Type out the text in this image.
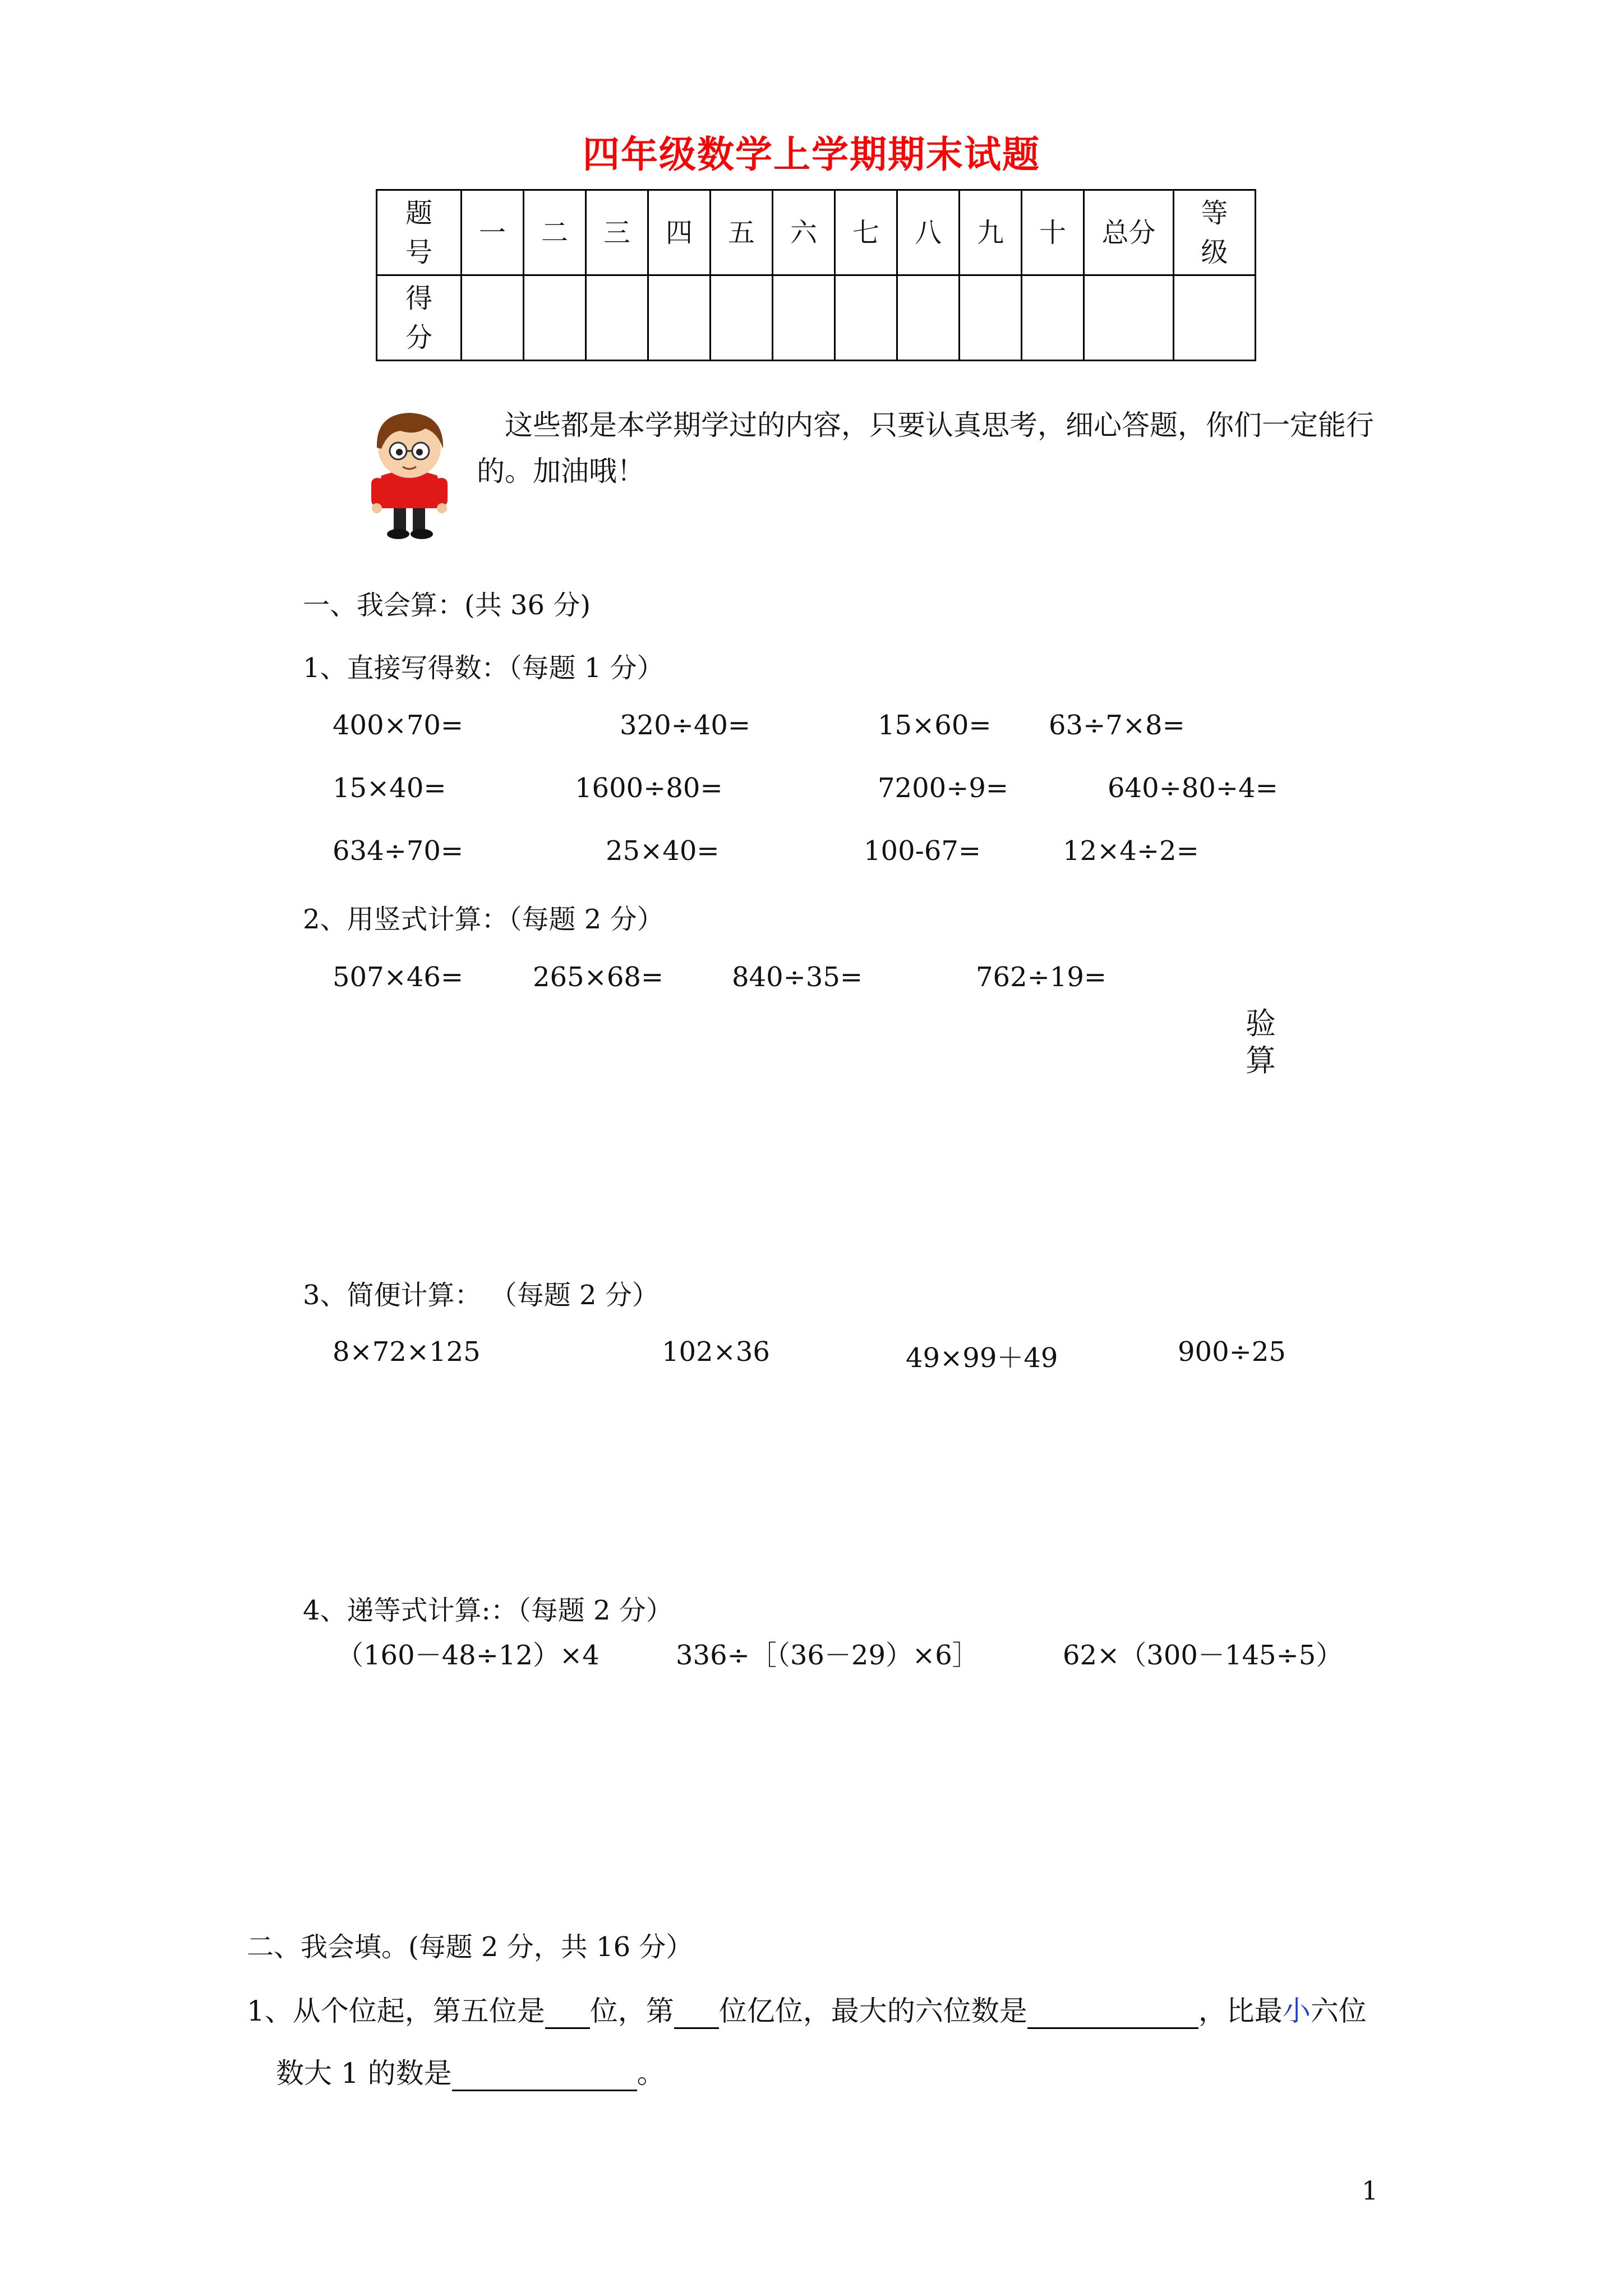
四年级数学上学期期末试题
题号	一	二	三	四	五	六	七	八	九	十	总分	等级
得分												
这些都是本学期学过的内容，只要认真思考，细心答题，你们一定能行
的。加油哦！
一、我会算：(共 36 分)
1、直接写得数：（每题 1 分）
400×70=	320÷40=	15×60= 63÷7×8=
15×40=	1600÷80=	7200÷9=	640÷80÷4=
634÷70=	25×40=	100-67=	12×4÷2=
2、用竖式计算：（每题 2 分）
507×46=	265×68=	840÷35=	762÷19=
验算
3、简便计算： （每题 2 分）
8×72×125	102×36	49×99＋49	900÷25
4、递等式计算:：（每题 2 分）
（160－48÷12）×4	336÷［（36－29）×6］	62×（300－145÷5）
二、我会填。(每题 2 分，共 16 分）
1、从个位起，第五位是 位，第 位亿位，最大的六位数是	，比最小六位
数大 1 的数是	。
1
